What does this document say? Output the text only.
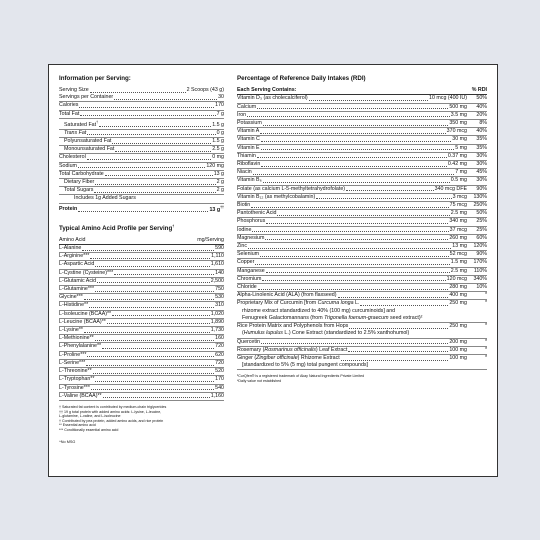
Information per Serving:
Serving Size	2 Scoops (43 g)
Servings per Container	30
Calories	170
Total Fat	7 g
Saturated Fat†	1.5 g
Trans Fat	0 g
Polyunsaturated Fat	1.5 g
Monounsaturated Fat	2.5 g
Cholesterol	0 mg
Sodium	120 mg
Total Carbohydrate	13 g
Dietary Fiber	2 g
Total Sugars	2 g
Includes 1g Added Sugars
Protein	13 g††
Typical Amino Acid Profile per Serving†
Amino Acid	mg/Serving
L-Alanine	590
L-Arginine***	1,110
L-Aspartic Acid	1,610
L-Cystine (Cysteine)***	140
L-Glutamic Acid	2,500
L-Glutamine***	750
Glycine***	530
L-Histidine**	310
L-Isoleucine (BCAA)**	1,020
L-Leucine (BCAA)**	1,890
L-Lysine**	1,730
L-Methionine**	160
L-Phenylalanine**	720
L-Proline***	620
L-Serine***	720
L-Threonine**	520
L-Tryptophan**	170
L-Tyrosine***	540
L-Valine (BCAA)**	1,160
† Saturated fat content is contributed by medium-chain triglycerides
†† 19 g total protein with added amino acids: L-lysine, L-leucine,
L-glutamine, L-valine, and L-isoleucine
† Contributed by pea protein, added amino acids, and rice protein
** Essential amino acid
*** Conditionally essential amino acid
^No MSG
Percentage of Reference Daily Intakes (RDI)
Each Serving Contains:	% RDI
Vitamin D₃ (as cholecalciferol)	10 mcg (400 IU)	50%
Calcium	500 mg	40%
Iron	3.5 mg	20%
Potassium	350 mg	8%
Vitamin A	370 mcg	40%
Vitamin C	30 mg	35%
Vitamin E	5 mg	35%
Thiamin	0.37 mg	30%
Riboflavin	0.42 mg	30%
Niacin	7 mg	45%
Vitamin B₆	0.5 mg	30%
Folate (as calcium L-5-methyltetrahydrofolate)	340 mcg DFE	90%
Vitamin B₁₂ (as methylcobalamin)	3 mcg	130%
Biotin	75 mcg	250%
Pantothenic Acid	2.5 mg	50%
Phosphorus	340 mg	25%
Iodine	37 mcg	25%
Magnesium	260 mg	60%
Zinc	13 mg	120%
Selenium	52 mcg	90%
Copper	1.5 mg	170%
Manganese	2.5 mg	110%
Chromium	120 mcg	340%
Chloride	280 mg	10%
Alpha-Linolenic Acid (ALA) (from flaxseed)	400 mg	*
Proprietary Mix of Curcumin [from Curcuma longa L.	250 mg	*
rhizome extract standardized to 40% (100 mg) curcuminoids] and
Fenugreek Galactomannans (from Trigonella foenum-graecum seed extract)²
Rice Protein Matrix and Polyphenols from Hops	250 mg	*
(Humulus lupulus L.) Cone Extract (standardized to 2.5% xanthohumol)
Quercetin	200 mg	*
Rosemary (Rosmarinus officinalis) Leaf Extract	100 mg	*
Ginger (Zingiber officinale) Rhizome Extract	100 mg	*
[standardized to 5% (5 mg) total pungent compounds]
²CurQfen® is a registered trademark of Akay Natural Ingredients Private Limited
*Daily value not established
